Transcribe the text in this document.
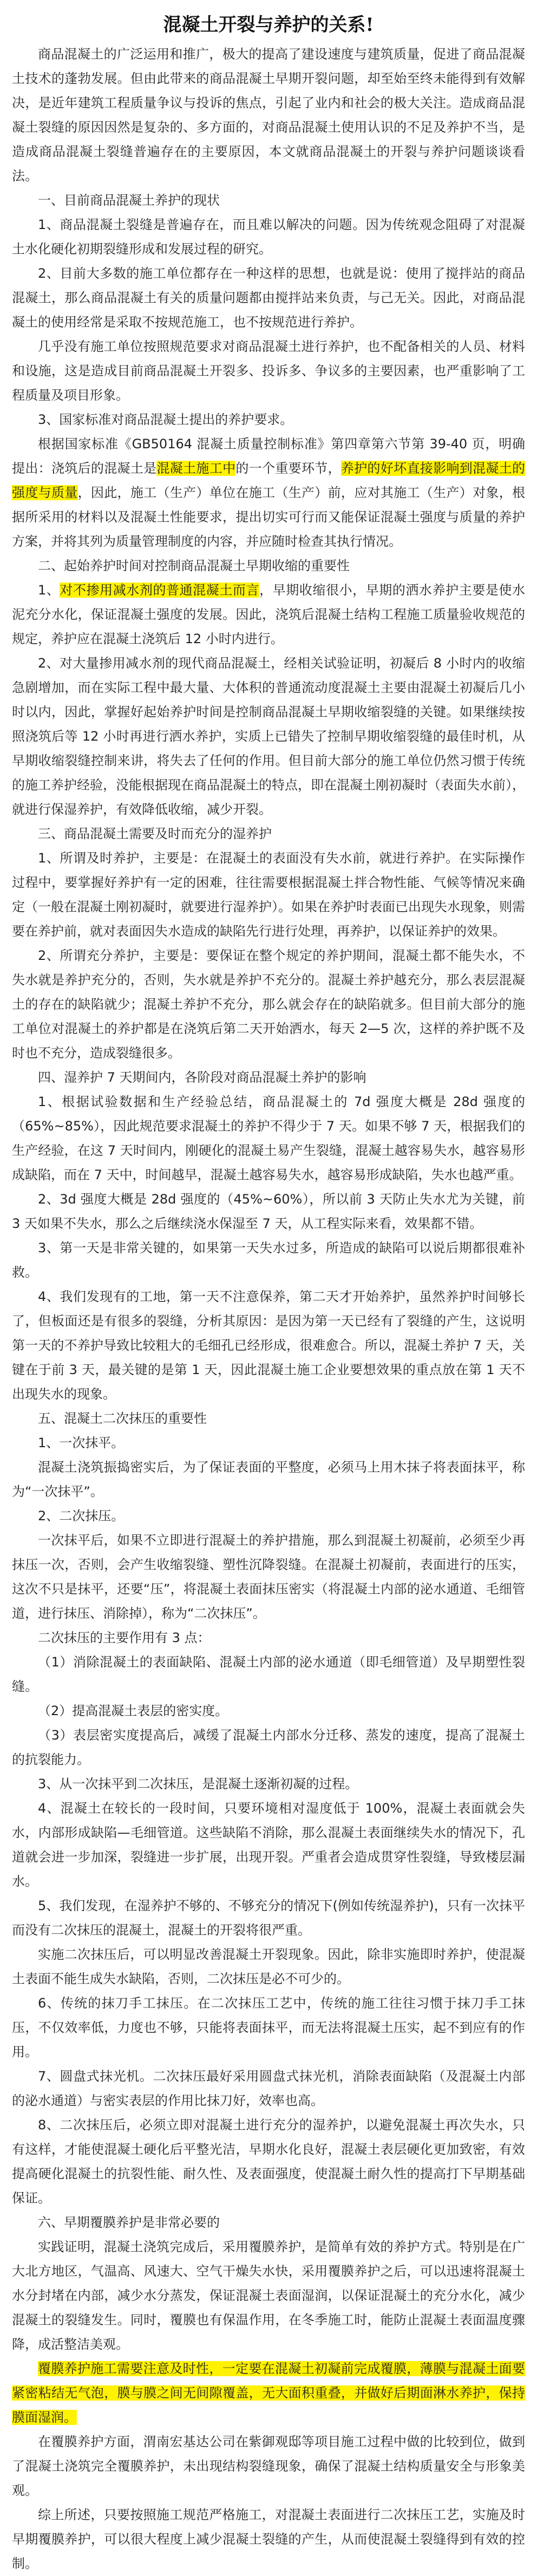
混凝土开裂与养护的关系!

商品混凝土的广泛运用和推广，极大的提高了建设速度与建筑质量，促进了商品混凝土技术的蓬勃发展。但由此带来的商品混凝土早期开裂问题，却至始至终未能得到有效解决，是近年建筑工程质量争议与投诉的焦点，引起了业内和社会的极大关注。造成商品混凝土裂缝的原因因然是复杂的、多方面的，对商品混凝土使用认识的不足及养护不当，是造成商品混凝土裂缝普遍存在的主要原因，本文就商品混凝土的开裂与养护问题谈谈看法。

一、目前商品混凝土养护的现状

1、商品混凝土裂缝是普遍存在，而且难以解决的问题。因为传统观念阻碍了对混凝土水化硬化初期裂缝形成和发展过程的研究。

2、目前大多数的施工单位都存在一种这样的思想，也就是说：使用了搅拌站的商品混凝土，那么商品混凝土有关的质量问题都由搅拌站来负责，与己无关。因此，对商品混凝土的使用经常是采取不按规范施工，也不按规范进行养护。

几乎没有施工单位按照规范要求对商品混凝土进行养护，也不配备相关的人员、材料和设施，这是造成目前商品混凝土开裂多、投诉多、争议多的主要因素，也严重影响了工程质量及项目形象。

3、国家标准对商品混凝土提出的养护要求。

根据国家标准《GB50164 混凝土质量控制标准》第四章第六节第 39-40 页，明确提出：浇筑后的混凝土是混凝土施工中的一个重要环节，养护的好坏直接影响到混凝土的强度与质量，因此，施工（生产）单位在施工（生产）前，应对其施工（生产）对象，根据所采用的材料以及混凝土性能要求，提出切实可行而又能保证混凝土强度与质量的养护方案，并将其列为质量管理制度的内容，并应随时检查其执行情况。

二、起始养护时间对控制商品混凝土早期收缩的重要性

1、对不掺用减水剂的普通混凝土而言，早期收缩很小，早期的洒水养护主要是使水泥充分水化，保证混凝土强度的发展。因此，浇筑后混凝土结构工程施工质量验收规范的规定，养护应在混凝土浇筑后 12 小时内进行。

2、对大量掺用减水剂的现代商品混凝土，经相关试验证明，初凝后 8 小时内的收缩急剧增加，而在实际工程中最大量、大体积的普通流动度混凝土主要由混凝土初凝后几小时以内，因此，掌握好起始养护时间是控制商品混凝土早期收缩裂缝的关键。如果继续按照浇筑后等 12 小时再进行洒水养护，实质上已错失了控制早期收缩裂缝的最佳时机，从早期收缩裂缝控制来讲，将失去了任何的作用。但目前大部分的施工单位仍然习惯于传统的施工养护经验，没能根据现在商品混凝土的特点，即在混凝土刚初凝时（表面失水前），就进行保湿养护，有效降低收缩，减少开裂。

三、商品混凝土需要及时而充分的湿养护

1、所谓及时养护，主要是：在混凝土的表面没有失水前，就进行养护。在实际操作过程中，要掌握好养护有一定的困难，往往需要根据混凝土拌合物性能、气候等情况来确定（一般在混凝土刚初凝时，就要进行湿养护）。如果在养护时表面已出现失水现象，则需要在养护前，就对表面因失水造成的缺陷先行进行处理，再养护，以保证养护的效果。

2、所谓充分养护，主要是：要保证在整个规定的养护期间，混凝土都不能失水，不失水就是养护充分的，否则，失水就是养护不充分的。混凝土养护越充分，那么表层混凝土的存在的缺陷就少；混凝土养护不充分，那么就会存在的缺陷就多。但目前大部分的施工单位对混凝土的养护都是在浇筑后第二天开始洒水，每天 2—5 次，这样的养护既不及时也不充分，造成裂缝很多。

四、湿养护 7 天期间内，各阶段对商品混凝土养护的影响

1、根据试验数据和生产经验总结，商品混凝土的 7d 强度大概是 28d 强度的（65%~85%），因此规范要求混凝土的养护不得少于 7 天。如果不够 7 天，根据我们的生产经验，在这 7 天时间内，刚硬化的混凝土易产生裂缝，混凝土越容易失水，越容易形成缺陷，而在 7 天中，时间越早，混凝土越容易失水，越容易形成缺陷，失水也越严重。

2、3d 强度大概是 28d 强度的（45%~60%），所以前 3 天防止失水尤为关键，前 3 天如果不失水，那么之后继续浇水保湿至 7 天，从工程实际来看，效果都不错。

3、第一天是非常关键的，如果第一天失水过多，所造成的缺陷可以说后期都很难补救。

4、我们发现有的工地，第一天不注意保养，第二天才开始养护，虽然养护时间够长了，但板面还是有很多的裂缝，分析其原因：是因为第一天已经有了裂缝的产生，这说明第一天的不养护导致比较粗大的毛细孔已经形成，很难愈合。所以，混凝土养护 7 天，关键在于前 3 天，最关键的是第 1 天，因此混凝土施工企业要想效果的重点放在第 1 天不出现失水的现象。

五、混凝土二次抹压的重要性

1、一次抹平。

混凝土浇筑振捣密实后，为了保证表面的平整度，必须马上用木抹子将表面抹平，称为“一次抹平”。

2、二次抹压。

一次抹平后，如果不立即进行混凝土的养护措施，那么到混凝土初凝前，必须至少再抹压一次，否则，会产生收缩裂缝、塑性沉降裂缝。在混凝土初凝前，表面进行的压实，这次不只是抹平，还要“压”，将混凝土表面抹压密实（将混凝土内部的泌水通道、毛细管道，进行抹压、消除掉），称为“二次抹压”。

二次抹压的主要作用有 3 点：

（1）消除混凝土的表面缺陷、混凝土内部的泌水通道（即毛细管道）及早期塑性裂缝。

（2）提高混凝土表层的密实度。

（3）表层密实度提高后，减缓了混凝土内部水分迁移、蒸发的速度，提高了混凝土的抗裂能力。

3、从一次抹平到二次抹压，是混凝土逐渐初凝的过程。

4、混凝土在较长的一段时间，只要环境相对湿度低于 100%，混凝土表面就会失水，内部形成缺陷—毛细管道。这些缺陷不消除，那么混凝土表面继续失水的情况下，孔道就会进一步加深，裂缝进一步扩展，出现开裂。严重者会造成贯穿性裂缝，导致楼层漏水。

5、我们发现，在湿养护不够的、不够充分的情况下(例如传统湿养护)，只有一次抹平而没有二次抹压的混凝土，混凝土的开裂将很严重。

实施二次抹压后，可以明显改善混凝土开裂现象。因此，除非实施即时养护，使混凝土表面不能生成失水缺陷，否则，二次抹压是必不可少的。

6、传统的抹刀手工抹压。在二次抹压工艺中，传统的施工往往习惯于抹刀手工抹压，不仅效率低，力度也不够，只能将表面抹平，而无法将混凝土压实，起不到应有的作用。

7、圆盘式抹光机。二次抹压最好采用圆盘式抹光机，消除表面缺陷（及混凝土内部的泌水通道）与密实表层的作用比抹刀好，效率也高。

8、二次抹压后，必须立即对混凝土进行充分的湿养护，以避免混凝土再次失水，只有这样，才能使混凝土硬化后平整光洁，早期水化良好，混凝土表层硬化更加致密，有效提高硬化混凝土的抗裂性能、耐久性、及表面强度，使混凝土耐久性的提高打下早期基础保证。

六、早期覆膜养护是非常必要的

实践证明，混凝土浇筑完成后，采用覆膜养护，是简单有效的养护方式。特别是在广大北方地区，气温高、风速大、空气干燥失水快，采用覆膜养护之后，可以迅速将混凝土水分封堵在内部，减少水分蒸发，保证混凝土表面湿润，以保证混凝土的充分水化，减少混凝土的裂缝发生。同时，覆膜也有保温作用，在冬季施工时，能防止混凝土表面温度骤降，成活整洁美观。

覆膜养护施工需要注意及时性，一定要在混凝土初凝前完成覆膜，薄膜与混凝土面要紧密粘结无气泡，膜与膜之间无间隙覆盖，无大面积重叠，并做好后期面淋水养护，保持膜面湿润。

在覆膜养护方面，渭南宏基达公司在紫御观邸等项目施工过程中做的比较到位，做到了混凝土浇筑完全覆膜养护，未出现结构裂缝现象，确保了混凝土结构质量安全与形象美观。

综上所述，只要按照施工规范严格施工，对混凝土表面进行二次抹压工艺，实施及时早期覆膜养护，可以很大程度上减少混凝土裂缝的产生，从而使混凝土裂缝得到有效的控制。
